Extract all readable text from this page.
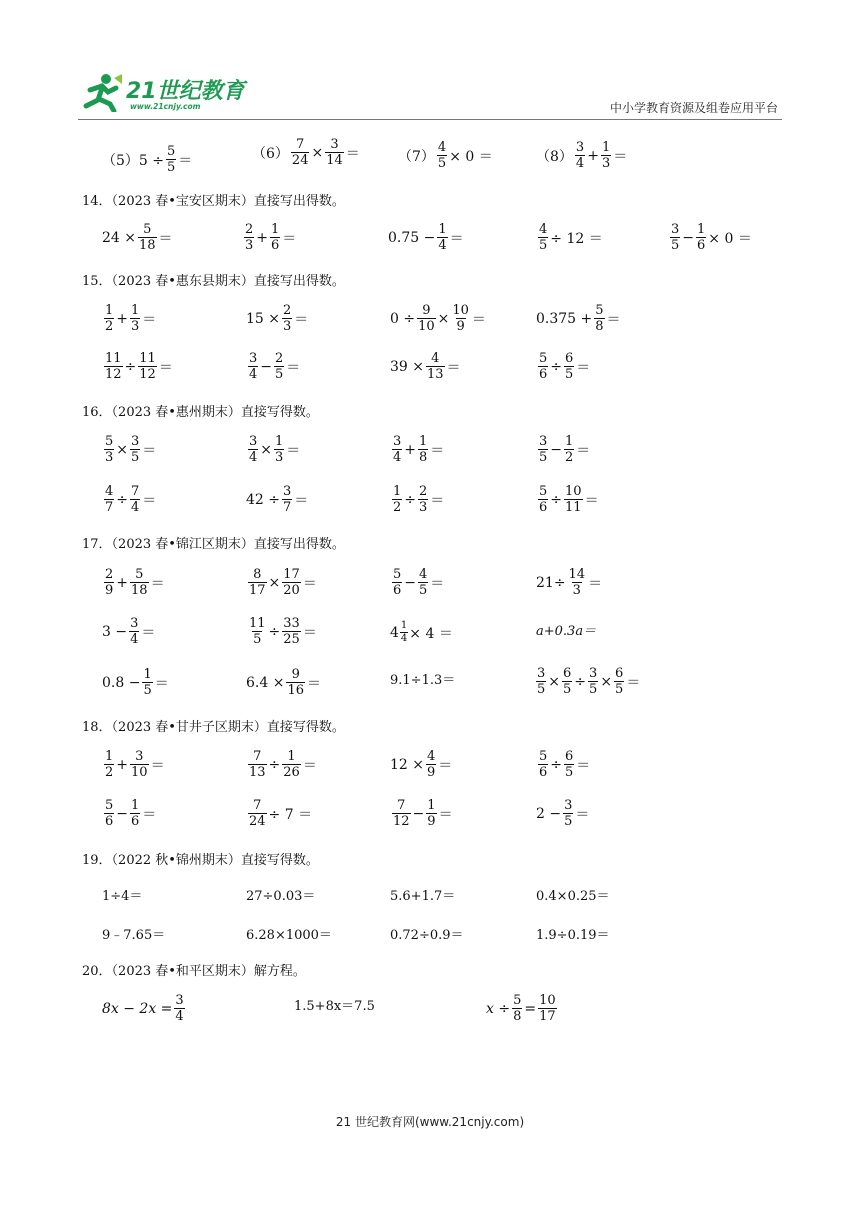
21世纪教育
www.21cnjy.com	中小学教育资源及组卷应用平台
$(5)5 \div \frac{5}{5}$ ＝	$(6) \frac{7}{24} \times \frac{3}{14}$ ＝	$(7) \frac{4}{5} \times 0$ ＝	$(8) \frac{3}{4} + \frac{1}{3}$ ＝
14．（2023 春•宝安区期末）直接写出得数。
$24 \times \frac{5}{18}$ ＝	$\frac{2}{3} + \frac{1}{6}$ ＝	$0.75 - \frac{1}{4}$ ＝	$\frac{4}{5} \div 12$ ＝	$\frac{3}{5} - \frac{1}{6} \times 0$ ＝
15．（2023 春•惠东县期末）直接写出得数。
$\frac{1}{2} + \frac{1}{3}$ ＝	$15 \times \frac{2}{3}$ ＝	$0 \div \frac{9}{10} \times \frac{10}{9}$ ＝	$0.375 + \frac{5}{8}$ ＝
$\frac{11}{12} \div \frac{11}{12}$ ＝	$\frac{3}{4} - \frac{2}{5}$ ＝	$39 \times \frac{4}{13}$ ＝	$\frac{5}{6} \div \frac{6}{5}$ ＝
16．（2023 春•惠州期末）直接写得数。
$\frac{5}{3} \times \frac{3}{5}$ ＝	$\frac{3}{4} \times \frac{1}{3}$ ＝	$\frac{3}{4} + \frac{1}{8}$ ＝	$\frac{3}{5} - \frac{1}{2}$ ＝
$\frac{4}{7} \div \frac{7}{4}$ ＝	$42 \div \frac{3}{7}$ ＝	$\frac{1}{2} \div \frac{2}{3}$ ＝	$\frac{5}{6} \div \frac{10}{11}$ ＝
17．（2023 春•锦江区期末）直接写出得数。
$\frac{2}{9} + \frac{5}{18}$ ＝	$\frac{8}{17} \times \frac{17}{20}$ ＝	$\frac{5}{6} - \frac{4}{5}$ ＝	$21\div \frac{14}{3}$ ＝
$3 - \frac{3}{4}$ ＝	$\frac{11}{5} \div \frac{33}{25}$ ＝	$4 \frac{1}{4} \times 4$ ＝	a+0.3a＝
$0.8 - \frac{1}{5}$ ＝	$6.4 \times \frac{9}{16}$ ＝	9.1÷1.3＝	$\frac{3}{5} \times \frac{6}{5} \div \frac{3}{5} \times \frac{6}{5}$ ＝
18．（2023 春•甘井子区期末）直接写得数。
$\frac{1}{2} + \frac{3}{10}$ ＝	$\frac{7}{13} \div \frac{1}{26}$ ＝	$12 \times \frac{4}{9}$ ＝	$\frac{5}{6} \div \frac{6}{5}$ ＝
$\frac{5}{6} - \frac{1}{6}$ ＝	$\frac{7}{24} \div 7$ ＝	$\frac{7}{12} - \frac{1}{9}$ ＝	$2 - \frac{3}{5}$ ＝
19．（2022 秋•锦州期末）直接写得数。
1÷4＝	27÷0.03＝	5.6+1.7＝	0.4×0.25＝
9﹣7.65＝	6.28×1000＝	0.72÷0.9＝	1.9÷0.19＝
20．（2023 春•和平区期末）解方程。
$8x - 2x = \frac{3}{4}$	1.5+8x＝7.5	$x \div \frac{5}{8} = \frac{10}{17}$
21 世纪教育网(www.21cnjy.com)
